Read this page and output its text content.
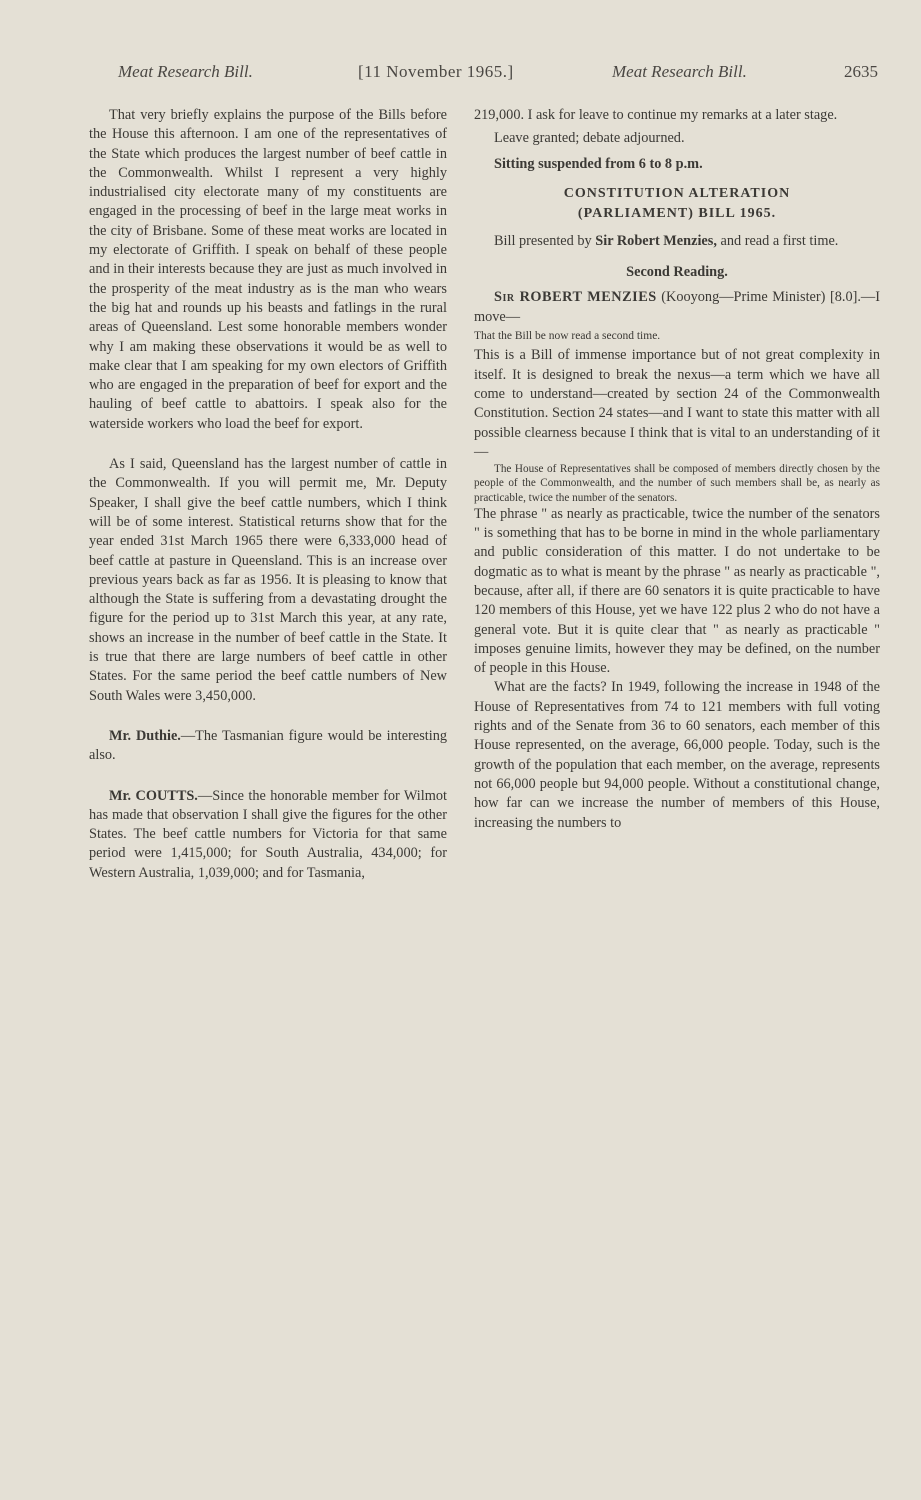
Meat Research Bill.	[11 November 1965.]	Meat Research Bill.	2635

That very briefly explains the purpose of the Bills before the House this afternoon. I am one of the representatives of the State which produces the largest number of beef cattle in the Commonwealth. Whilst I represent a very highly industrialised city electorate many of my constituents are engaged in the processing of beef in the large meat works in the city of Brisbane. Some of these meat works are located in my electorate of Griffith. I speak on behalf of these people and in their interests because they are just as much involved in the prosperity of the meat industry as is the man who wears the big hat and rounds up his beasts and fatlings in the rural areas of Queensland. Lest some honorable members wonder why I am making these observations it would be as well to make clear that I am speaking for my own electors of Griffith who are engaged in the preparation of beef for export and the hauling of beef cattle to abattoirs. I speak also for the waterside workers who load the beef for export.

As I said, Queensland has the largest number of cattle in the Commonwealth. If you will permit me, Mr. Deputy Speaker, I shall give the beef cattle numbers, which I think will be of some interest. Statistical returns show that for the year ended 31st March 1965 there were 6,333,000 head of beef cattle at pasture in Queensland. This is an increase over previous years back as far as 1956. It is pleasing to know that although the State is suffering from a devastating drought the figure for the period up to 31st March this year, at any rate, shows an increase in the number of beef cattle in the State. It is true that there are large numbers of beef cattle in other States. For the same period the beef cattle numbers of New South Wales were 3,450,000.

Mr. Duthie.—The Tasmanian figure would be interesting also.

Mr. COUTTS.—Since the honorable member for Wilmot has made that observation I shall give the figures for the other States. The beef cattle numbers for Victoria for that same period were 1,415,000; for South Australia, 434,000; for Western Australia, 1,039,000; and for Tasmania,

219,000. I ask for leave to continue my remarks at a later stage.

Leave granted; debate adjourned.

Sitting suspended from 6 to 8 p.m.

CONSTITUTION ALTERATION
(PARLIAMENT) BILL 1965.

Bill presented by Sir Robert Menzies, and read a first time.

Second Reading.

Sir ROBERT MENZIES (Kooyong—Prime Minister) [8.0].—I move—

That the Bill be now read a second time.

This is a Bill of immense importance but of not great complexity in itself. It is designed to break the nexus—a term which we have all come to understand—created by section 24 of the Commonwealth Constitution. Section 24 states—and I want to state this matter with all possible clearness because I think that is vital to an understanding of it—

The House of Representatives shall be composed of members directly chosen by the people of the Commonwealth, and the number of such members shall be, as nearly as practicable, twice the number of the senators.

The phrase " as nearly as practicable, twice the number of the senators " is something that has to be borne in mind in the whole parliamentary and public consideration of this matter. I do not undertake to be dogmatic as to what is meant by the phrase " as nearly as practicable ", because, after all, if there are 60 senators it is quite practicable to have 120 members of this House, yet we have 122 plus 2 who do not have a general vote. But it is quite clear that " as nearly as practicable " imposes genuine limits, however they may be defined, on the number of people in this House.

What are the facts? In 1949, following the increase in 1948 of the House of Representatives from 74 to 121 members with full voting rights and of the Senate from 36 to 60 senators, each member of this House represented, on the average, 66,000 people. Today, such is the growth of the population that each member, on the average, represents not 66,000 people but 94,000 people. Without a constitutional change, how far can we increase the number of members of this House, increasing the numbers to
